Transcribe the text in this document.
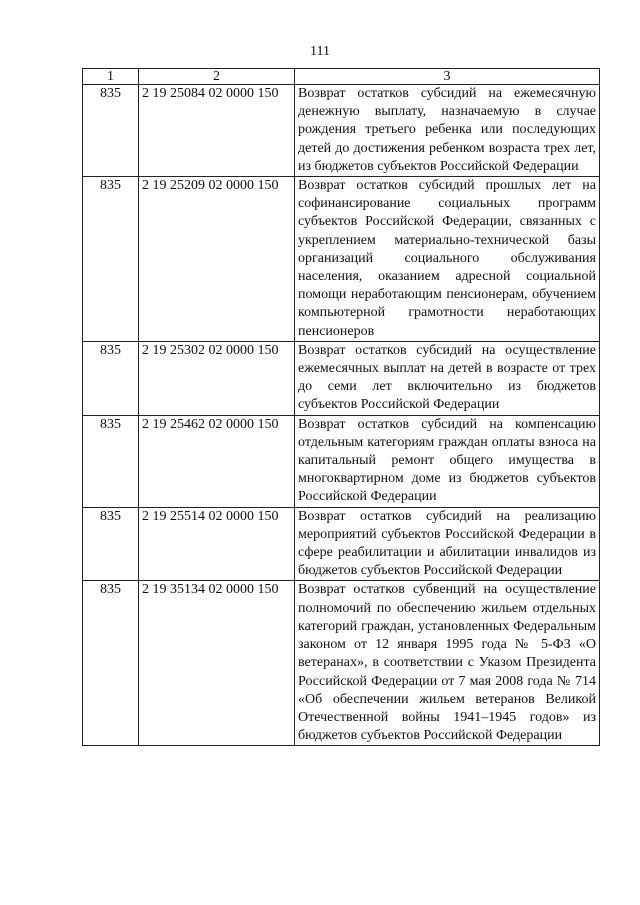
111
1	2	3
835	2 19 25084 02 0000 150	Возврат остатков субсидий на ежемесячную денежную выплату, назначаемую в случае рождения третьего ребенка или последующих детей до достижения ребенком возраста трех лет, из бюджетов субъектов Российской Федерации
835	2 19 25209 02 0000 150	Возврат остатков субсидий прошлых лет на софинансирование социальных программ субъектов Российской Федерации, связанных с укреплением материально-технической базы организаций социального обслуживания населения, оказанием адресной социальной помощи неработающим пенсионерам, обучением компьютерной грамотности неработающих пенсионеров
835	2 19 25302 02 0000 150	Возврат остатков субсидий на осуществление ежемесячных выплат на детей в возрасте от трех до семи лет включительно из бюджетов субъектов Российской Федерации
835	2 19 25462 02 0000 150	Возврат остатков субсидий на компенсацию отдельным категориям граждан оплаты взноса на капитальный ремонт общего имущества в многоквартирном доме из бюджетов субъектов Российской Федерации
835	2 19 25514 02 0000 150	Возврат остатков субсидий на реализацию мероприятий субъектов Российской Федерации в сфере реабилитации и абилитации инвалидов из бюджетов субъектов Российской Федерации
835	2 19 35134 02 0000 150	Возврат остатков субвенций на осуществление полномочий по обеспечению жильем отдельных категорий граждан, установленных Федеральным законом от 12 января 1995 года № 5-ФЗ «О ветеранах», в соответствии с Указом Президента Российской Федерации от 7 мая 2008 года № 714 «Об обеспечении жильем ветеранов Великой Отечественной войны 1941–1945 годов» из бюджетов субъектов Российской Федерации
